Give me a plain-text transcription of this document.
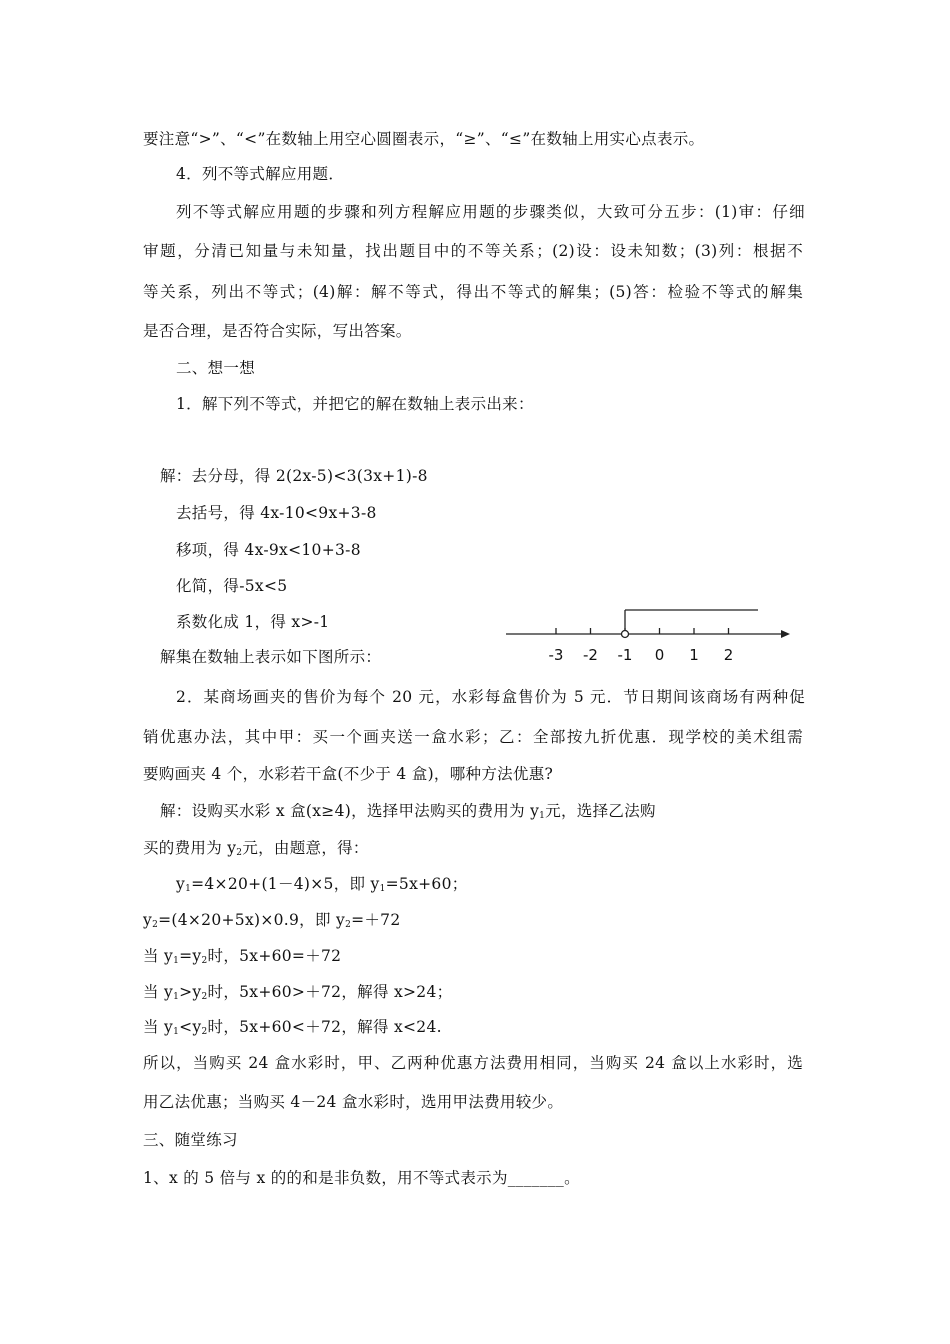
要注意“>”、“<”在数轴上用空心圆圈表示，“≥”、“≤”在数轴上用实心点表示。
4．列不等式解应用题．
列不等式解应用题的步骤和列方程解应用题的步骤类似，大致可分五步：(1)审：仔细
审题，分清已知量与未知量，找出题目中的不等关系；(2)设：设未知数；(3)列：根据不
等关系，列出不等式；(4)解：解不等式，得出不等式的解集；(5)答：检验不等式的解集
是否合理，是否符合实际，写出答案。
二、想一想
1．解下列不等式，并把它的解在数轴上表示出来：
解：去分母，得 2(2x-5)<3(3x+1)-8
去括号，得 4x-10<9x+3-8
移项，得 4x-9x<10+3-8
化简，得-5x<5
系数化成 1，得 x>-1
解集在数轴上表示如下图所示：	-3 -2 -1 0 1 2
2．某商场画夹的售价为每个 20 元，水彩每盒售价为 5 元．节日期间该商场有两种促
销优惠办法，其中甲：买一个画夹送一盒水彩；乙：全部按九折优惠．现学校的美术组需
要购画夹 4 个，水彩若干盒(不少于 4 盒)，哪种方法优惠?
解：设购买水彩 x 盒(x≥4)，选择甲法购买的费用为 $y_1$元，选择乙法购
买的费用为 $y_2$元，由题意，得：
$y_1=4\times 20+(1-4)\times 5$，即 $y_1=5x+60$；
$y_2=(4\times 20+5x)\times 0.9$，即 $y_2=+72$
当 $y_1=y_2$时，5x+60=＋72
当 $y_1>y_2$时，5x+60>＋72，解得 x>24；
当 $y_1<y_2$时，5x+60<＋72，解得 x<24.
所以，当购买 24 盒水彩时，甲、乙两种优惠方法费用相同，当购买 24 盒以上水彩时，选
用乙法优惠；当购买 4－24 盒水彩时，选用甲法费用较少。
三、随堂练习
1、x 的 5 倍与 x 的的和是非负数，用不等式表示为_______。
